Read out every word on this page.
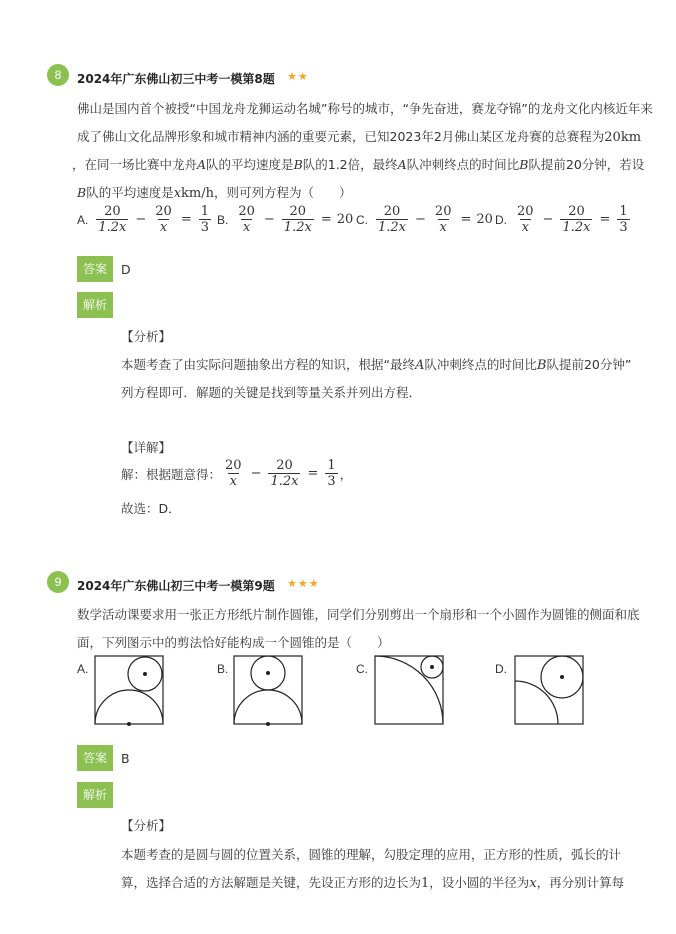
8	2024年广东佛山初三中考一模第8题 ★★
佛山是国内首个被授“中国龙舟龙狮运动名城”称号的城市，“争先奋进，赛龙夺锦”的龙舟文化内核近年来
成了佛山文化品牌形象和城市精神内涵的重要元素，已知2023年2月佛山某区龙舟赛的总赛程为20km
，在同一场比赛中龙舟A队的平均速度是B队的1.2倍，最终A队冲刺终点的时间比B队提前20分钟，若设
B队的平均速度是xkm/h，则可列方程为（　　）
A. $\frac{20}{1.2x} - \frac{20}{x} = \frac{1}{3} B$. $\frac{20}{x} - \frac{20}{1.2x} = 20$ C. $\frac{20}{1.2x} - \frac{20}{x} = 20$ D. $\frac{20}{x} - \frac{20}{1.2x} = \frac{1}{3}$
答案	D
解析
【分析】
本题考查了由实际问题抽象出方程的知识，根据“最终A队冲刺终点的时间比B队提前20分钟”
列方程即可．解题的关键是找到等量关系并列出方程．
【详解】
解：根据题意得： $\frac{20}{x} - \frac{20}{1.2x} = \frac{1}{3}$ ，
故选：D．
9	2024年广东佛山初三中考一模第9题 ★★★
数学活动课要求用一张正方形纸片制作圆锥，同学们分别剪出一个扇形和一个小圆作为圆锥的侧面和底
面，下列图示中的剪法恰好能构成一个圆锥的是（　　）
A.	B.	C.	D.
答案	B
解析
【分析】
本题考查的是圆与圆的位置关系，圆锥的理解，勾股定理的应用，正方形的性质，弧长的计
算，选择合适的方法解题是关键，先设正方形的边长为1，设小圆的半径为x，再分别计算每
